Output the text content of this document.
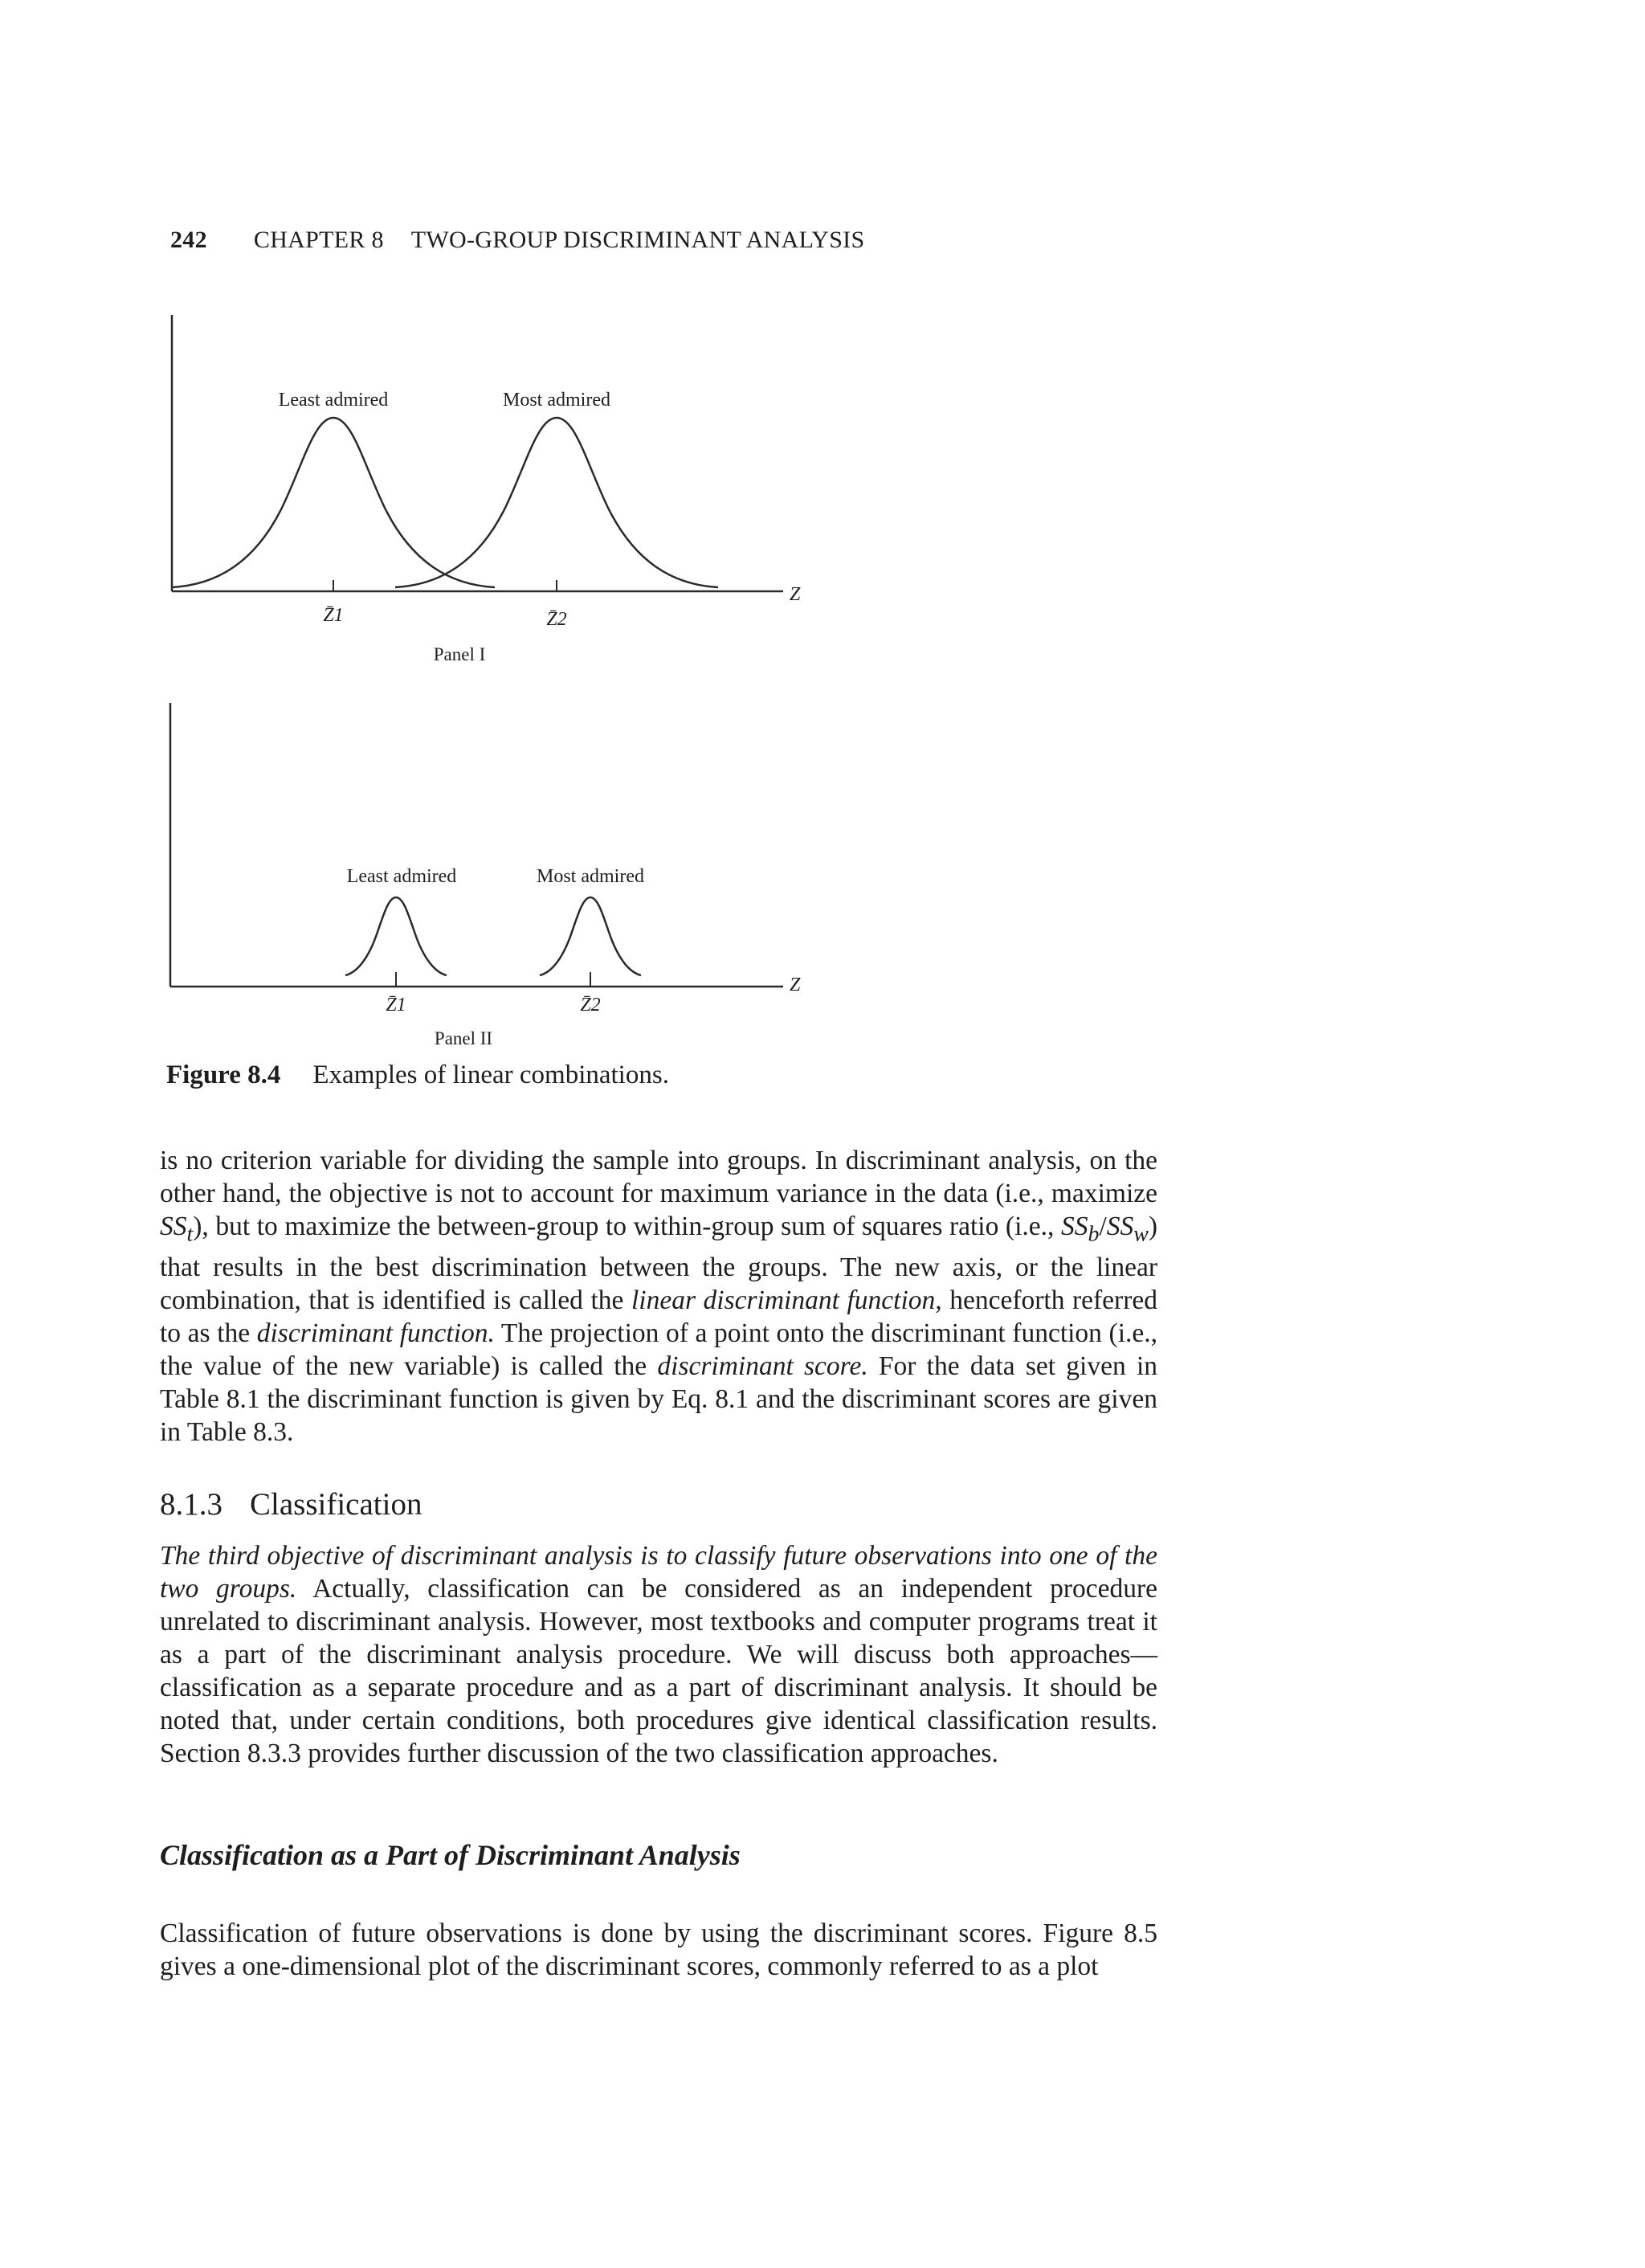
242 CHAPTER 8 TWO-GROUP DISCRIMINANT ANALYSIS
Least admired	Most admired
Z̄1	Z̄2
Z
Panel I
Least admired	Most admired
Z̄1	Z̄2
Z
Panel II
Figure 8.4 Examples of linear combinations.

is no criterion variable for dividing the sample into groups. In discriminant analysis, on the other hand, the objective is not to account for maximum variance in the data (i.e., maximize $SS_t$), but to maximize the between-group to within-group sum of squares ratio (i.e., $SS_b/SS_w$) that results in the best discrimination between the groups. The new axis, or the linear combination, that is identified is called the linear discriminant function, henceforth referred to as the discriminant function. The projection of a point onto the discriminant function (i.e., the value of the new variable) is called the discriminant score. For the data set given in Table 8.1 the discriminant function is given by Eq. 8.1 and the discriminant scores are given in Table 8.3.

8.1.3 Classification

The third objective of discriminant analysis is to classify future observations into one of the two groups. Actually, classification can be considered as an independent procedure unrelated to discriminant analysis. However, most textbooks and computer programs treat it as a part of the discriminant analysis procedure. We will discuss both approaches—classification as a separate procedure and as a part of discriminant analysis. It should be noted that, under certain conditions, both procedures give identical classification results. Section 8.3.3 provides further discussion of the two classification approaches.

Classification as a Part of Discriminant Analysis

Classification of future observations is done by using the discriminant scores. Figure 8.5 gives a one-dimensional plot of the discriminant scores, commonly referred to as a plot
